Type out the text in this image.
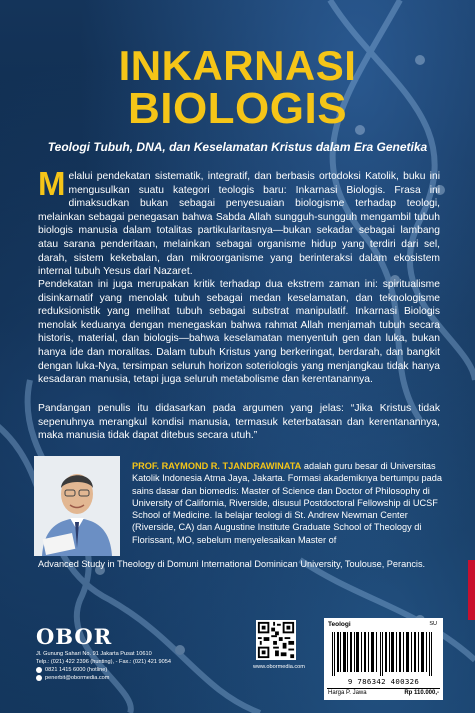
INKARNASI
BIOLOGIS
Teologi Tubuh, DNA, dan Keselamatan Kristus dalam Era Genetika
Melalui pendekatan sistematik, integratif, dan berbasis ortodoksi Katolik, buku ini mengusulkan suatu kategori teologis baru: Inkarnasi Biologis. Frasa ini dimaksudkan bukan sebagai penyesuaian biologisme terhadap teologi, melainkan sebagai penegasan bahwa Sabda Allah sungguh-sungguh mengambil tubuh biologis manusia dalam totalitas partikularitasnya—bukan sekadar sebagai lambang atau sarana penderitaan, melainkan sebagai organisme hidup yang terdiri dari sel, darah, sistem kekebalan, dan mikroorganisme yang berinteraksi dalam ekosistem internal tubuh Yesus dari Nazaret.
Pendekatan ini juga merupakan kritik terhadap dua ekstrem zaman ini: spiritualisme disinkarnatif yang menolak tubuh sebagai medan keselamatan, dan teknologisme reduksionistik yang melihat tubuh sebagai substrat manipulatif. Inkarnasi Biologis menolak keduanya dengan menegaskan bahwa rahmat Allah menjamah tubuh secara historis, material, dan biologis—bahwa keselamatan menyentuh gen dan luka, bukan hanya ide dan moralitas. Dalam tubuh Kristus yang berkeringat, berdarah, dan bangkit dengan luka-Nya, tersimpan seluruh horizon soteriologis yang menjangkau tidak hanya kesadaran manusia, tetapi juga seluruh metabolisme dan kerentanannya.
Pandangan penulis itu didasarkan pada argumen yang jelas: “Jika Kristus tidak sepenuhnya merangkul kondisi manusia, termasuk keterbatasan dan kerentanannya, maka manusia tidak dapat ditebus secara utuh.”
PROF. RAYMOND R. TJANDRAWINATA adalah guru besar di Universitas Katolik Indonesia Atma Jaya, Jakarta. Formasi akademiknya bertumpu pada sains dasar dan biomedis: Master of Science dan Doctor of Philosophy di University of California, Riverside, disusul Postdoctoral Fellowship di UCSF School of Medicine. Ia belajar teologi di St. Andrew Newman Center (Riverside, CA) dan Augustine Institute Graduate School of Theology di Florissant, MO, sebelum menyelesaikan Master of
Advanced Study in Theology di Domuni International Dominican University, Toulouse, Perancis.
OBOR
Jl. Gunung Sahari No. 91 Jakarta Pusat 10610
Telp.: (021) 422 2396 (hunting), - Fax.: (021) 421 9054
0821 1415 6000 (hotline)
penerbit@obormedia.com
www.obormedia.com
Teologi	SU
9 786342 400326
Harga P. Jawa	Rp 110.000,-
